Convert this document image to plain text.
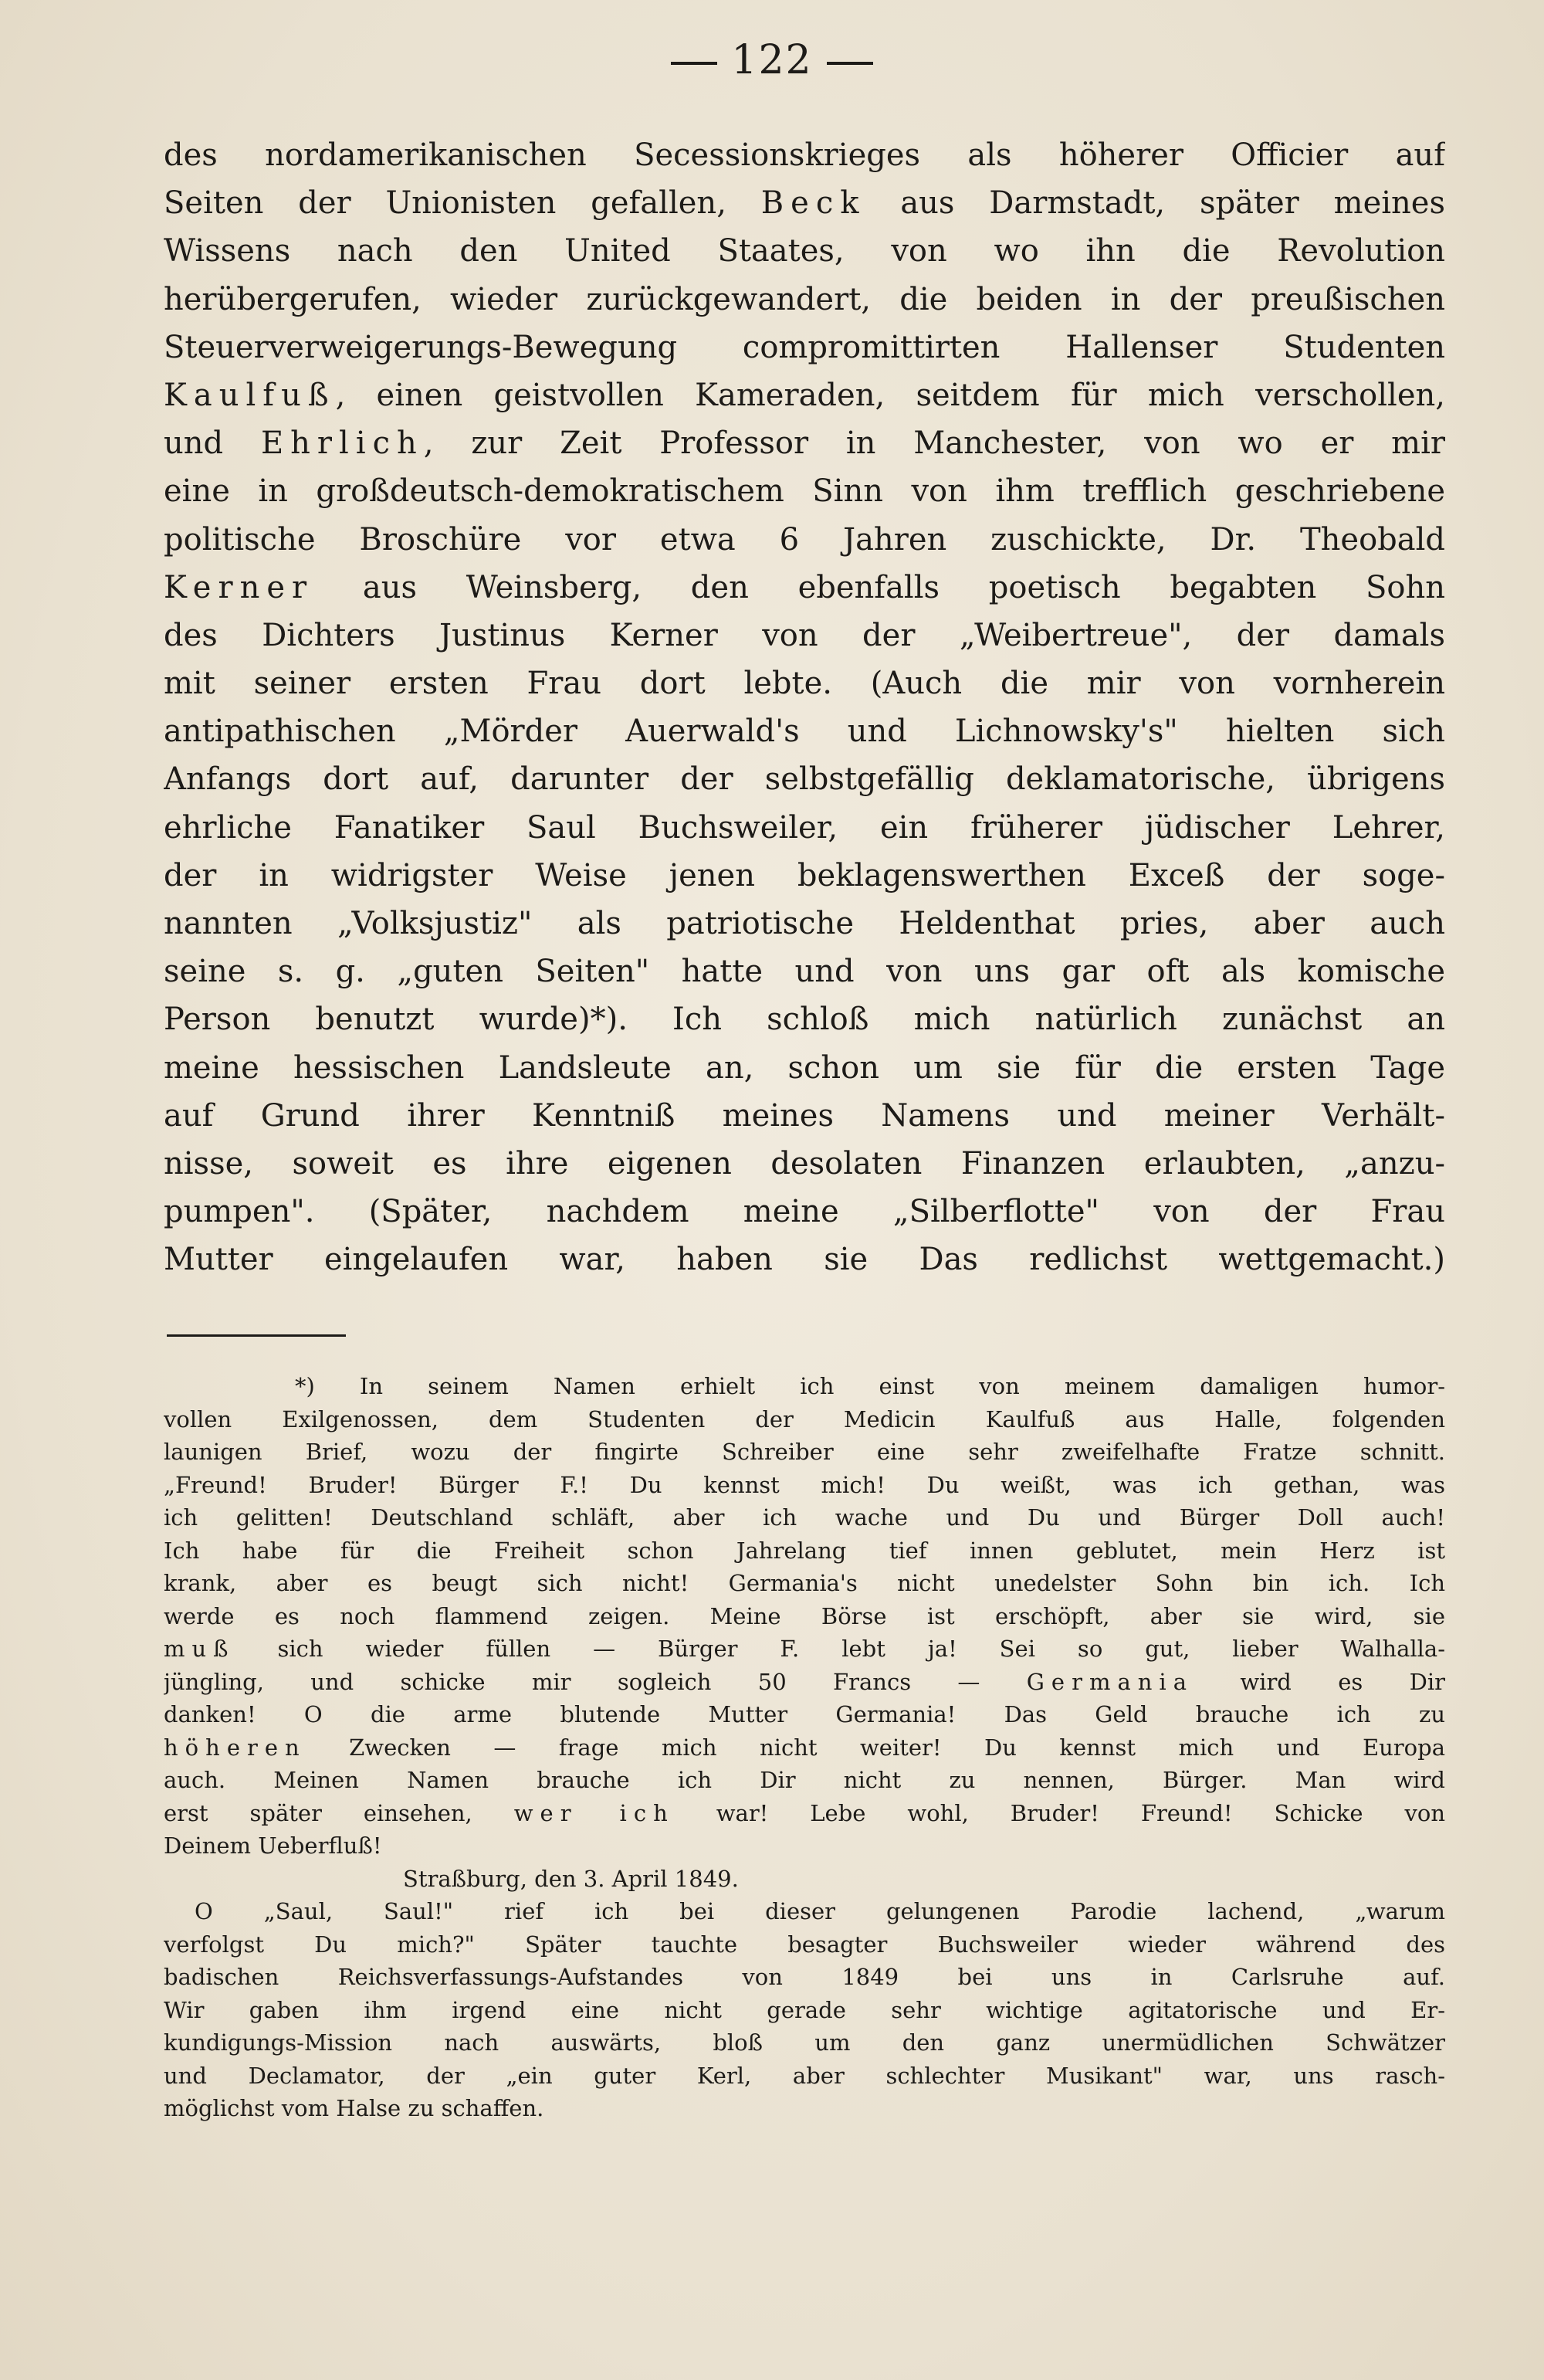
122
des nordamerikanischen Secessionskrieges als höherer Officier auf
Seiten der Unionisten gefallen, Beck aus Darmstadt, später meines
Wissens nach den United Staates, von wo ihn die Revolution
herübergerufen, wieder zurückgewandert, die beiden in der preußischen
Steuerverweigerungs-Bewegung compromittirten Hallenser Studenten
Kaulfuß, einen geistvollen Kameraden, seitdem für mich verschollen,
und Ehrlich, zur Zeit Professor in Manchester, von wo er mir
eine in großdeutsch-demokratischem Sinn von ihm trefflich geschriebene
politische Broschüre vor etwa 6 Jahren zuschickte, Dr. Theobald
Kerner aus Weinsberg, den ebenfalls poetisch begabten Sohn
des Dichters Justinus Kerner von der „Weibertreue", der damals
mit seiner ersten Frau dort lebte. (Auch die mir von vornherein
antipathischen „Mörder Auerwald's und Lichnowsky's" hielten sich
Anfangs dort auf, darunter der selbstgefällig deklamatorische, übrigens
ehrliche Fanatiker Saul Buchsweiler, ein früherer jüdischer Lehrer,
der in widrigster Weise jenen beklagenswerthen Exceß der soge-
nannten „Volksjustiz" als patriotische Heldenthat pries, aber auch
seine s. g. „guten Seiten" hatte und von uns gar oft als komische
Person benutzt wurde)*). Ich schloß mich natürlich zunächst an
meine hessischen Landsleute an, schon um sie für die ersten Tage
auf Grund ihrer Kenntniß meines Namens und meiner Verhält-
nisse, soweit es ihre eigenen desolaten Finanzen erlaubten, „anzu-
pumpen". (Später, nachdem meine „Silberflotte" von der Frau
Mutter eingelaufen war, haben sie Das redlichst wettgemacht.)
*) In seinem Namen erhielt ich einst von meinem damaligen humor-
vollen Exilgenossen, dem Studenten der Medicin Kaulfuß aus Halle, folgenden
launigen Brief, wozu der fingirte Schreiber eine sehr zweifelhafte Fratze schnitt.
„Freund! Bruder! Bürger F.! Du kennst mich! Du weißt, was ich gethan, was
ich gelitten! Deutschland schläft, aber ich wache und Du und Bürger Doll auch!
Ich habe für die Freiheit schon Jahrelang tief innen geblutet, mein Herz ist
krank, aber es beugt sich nicht! Germania's nicht unedelster Sohn bin ich. Ich
werde es noch flammend zeigen. Meine Börse ist erschöpft, aber sie wird, sie
muß sich wieder füllen — Bürger F. lebt ja! Sei so gut, lieber Walhalla-
jüngling, und schicke mir sogleich 50 Francs — Germania wird es Dir
danken! O die arme blutende Mutter Germania! Das Geld brauche ich zu
höheren Zwecken — frage mich nicht weiter! Du kennst mich und Europa
auch. Meinen Namen brauche ich Dir nicht zu nennen, Bürger. Man wird
erst später einsehen, wer ich war! Lebe wohl, Bruder! Freund! Schicke von
Deinem Ueberfluß!
Straßburg, den 3. April 1849.
O „Saul, Saul!" rief ich bei dieser gelungenen Parodie lachend, „warum
verfolgst Du mich?" Später tauchte besagter Buchsweiler wieder während des
badischen Reichsverfassungs-Aufstandes von 1849 bei uns in Carlsruhe auf.
Wir gaben ihm irgend eine nicht gerade sehr wichtige agitatorische und Er-
kundigungs-Mission nach auswärts, bloß um den ganz unermüdlichen Schwätzer
und Declamator, der „ein guter Kerl, aber schlechter Musikant" war, uns rasch-
möglichst vom Halse zu schaffen.
